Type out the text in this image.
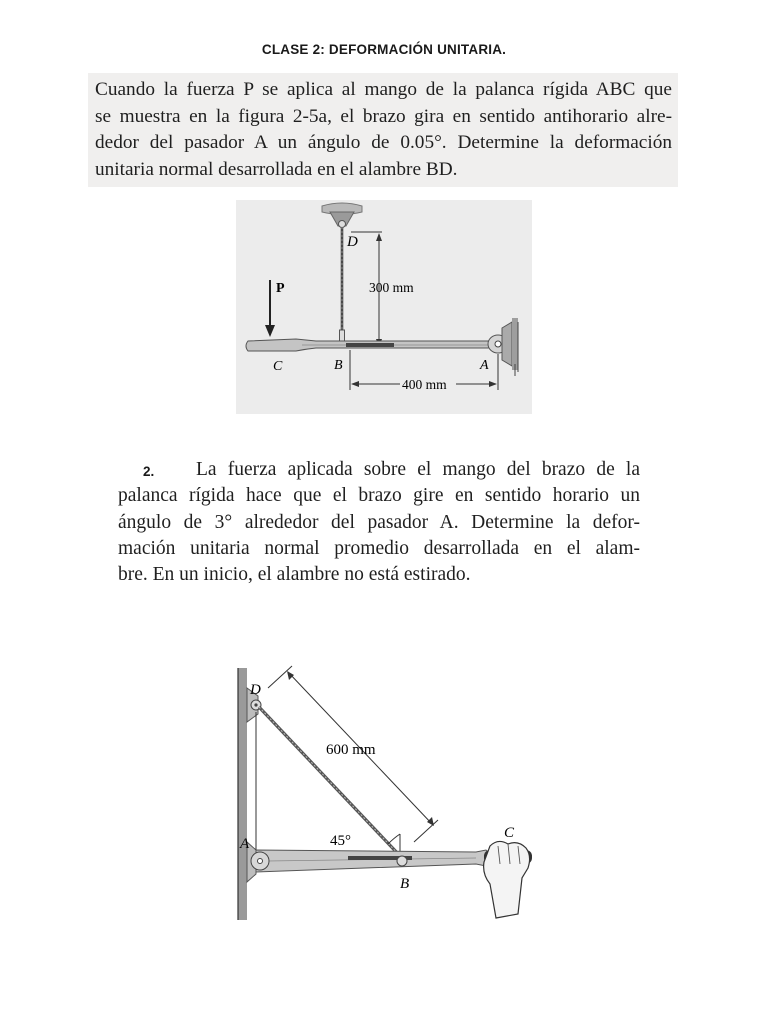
CLASE 2: DEFORMACIÓN UNITARIA.
Cuando la fuerza P se aplica al mango de la palanca rígida ABC que
se muestra en la figura 2-5a, el brazo gira en sentido antihorario alre-
dedor del pasador A un ángulo de 0.05°. Determine la deformación
unitaria normal desarrollada en el alambre BD.
D
P	300 mm
C	B	A
400 mm
2.	La fuerza aplicada sobre el mango del brazo de la
palanca rígida hace que el brazo gire en sentido horario un
ángulo de 3° alrededor del pasador A. Determine la defor-
mación unitaria normal promedio desarrollada en el alam-
bre. En un inicio, el alambre no está estirado.
D
600 mm
A	45°	C
B
